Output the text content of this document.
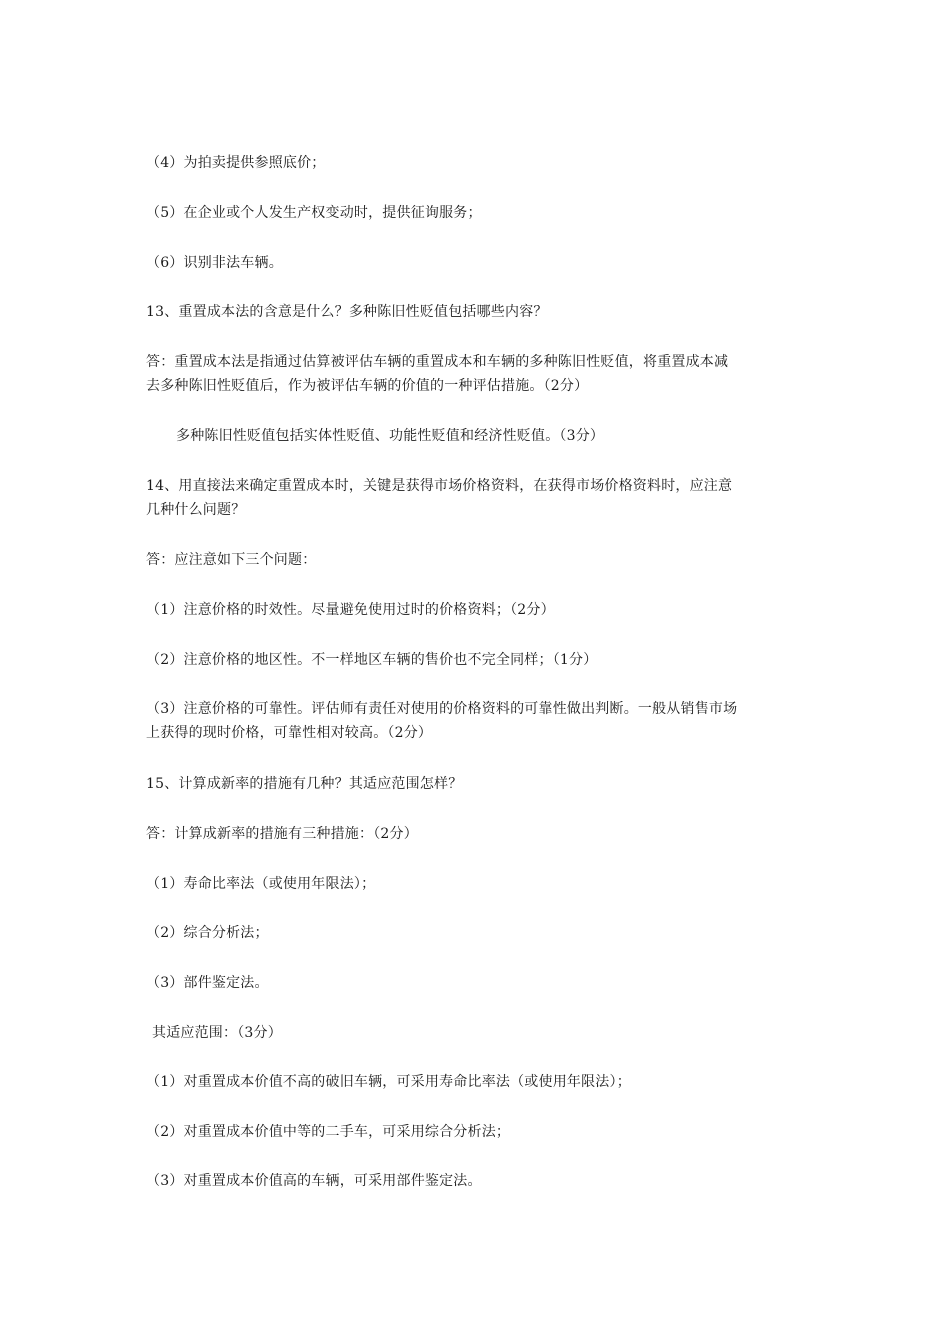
（4）为拍卖提供参照底价；
（5）在企业或个人发生产权变动时，提供征询服务；
（6）识别非法车辆。
13、重置成本法的含意是什么？多种陈旧性贬值包括哪些内容？
答：重置成本法是指通过估算被评估车辆的重置成本和车辆的多种陈旧性贬值，将重置成本减
去多种陈旧性贬值后，作为被评估车辆的价值的一种评估措施。（2分）
多种陈旧性贬值包括实体性贬值、功能性贬值和经济性贬值。（3分）
14、用直接法来确定重置成本时，关键是获得市场价格资料，在获得市场价格资料时，应注意
几种什么问题？
答：应注意如下三个问题：
（1）注意价格的时效性。尽量避免使用过时的价格资料；（2分）
（2）注意价格的地区性。不一样地区车辆的售价也不完全同样；（1分）
（3）注意价格的可靠性。评估师有责任对使用的价格资料的可靠性做出判断。一般从销售市场
上获得的现时价格，可靠性相对较高。（2分）
15、计算成新率的措施有几种？其适应范围怎样？
答：计算成新率的措施有三种措施：（2分）
（1）寿命比率法（或使用年限法）；
（2）综合分析法；
（3）部件鉴定法。
其适应范围：（3分）
（1）对重置成本价值不高的破旧车辆，可采用寿命比率法（或使用年限法）；
（2）对重置成本价值中等的二手车，可采用综合分析法；
（3）对重置成本价值高的车辆，可采用部件鉴定法。
